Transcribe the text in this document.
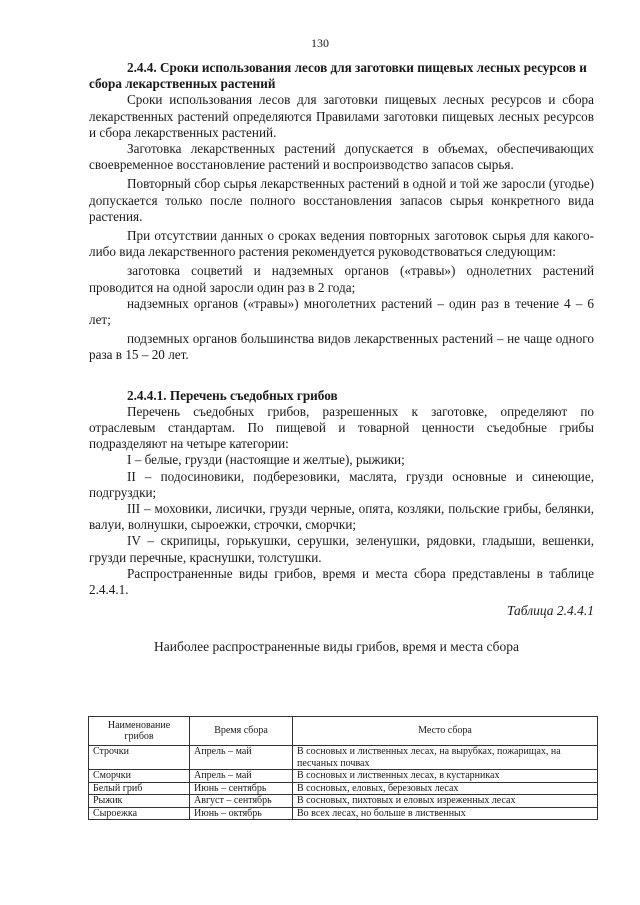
130
2.4.4. Сроки использования лесов для заготовки пищевых лесных ресурсов и сбора лекарственных растений
Сроки использования лесов для заготовки пищевых лесных ресурсов и сбора лекарственных растений определяются Правилами заготовки пищевых лесных ресурсов и сбора лекарственных растений.
Заготовка лекарственных растений допускается в объемах, обеспечивающих своевременное восстановление растений и воспроизводство запасов сырья.
Повторный сбор сырья лекарственных растений в одной и той же заросли (угодье) допускается только после полного восстановления запасов сырья конкретного вида растения.
При отсутствии данных о сроках ведения повторных заготовок сырья для какого-либо вида лекарственного растения рекомендуется руководствоваться следующим:
заготовка соцветий и надземных органов («травы») однолетних растений проводится на одной заросли один раз в 2 года;
надземных органов («травы») многолетних растений – один раз в течение 4 – 6 лет;
подземных органов большинства видов лекарственных растений – не чаще одного раза в 15 – 20 лет.
2.4.4.1. Перечень съедобных грибов
Перечень съедобных грибов, разрешенных к заготовке, определяют по отраслевым стандартам. По пищевой и товарной ценности съедобные грибы подразделяют на четыре категории:
I – белые, грузди (настоящие и желтые), рыжики;
II – подосиновики, подберезовики, маслята, грузди основные и синеющие, подгруздки;
III – моховики, лисички, грузди черные, опята, козляки, польские грибы, белянки, валуи, волнушки, сыроежки, строчки, сморчки;
IV – скрипицы, горькушки, серушки, зеленушки, рядовки, гладыши, вешенки, грузди перечные, краснушки, толстушки.
Распространенные виды грибов, время и места сбора представлены в таблице 2.4.4.1.
Таблица 2.4.4.1
Наиболее распространенные виды грибов, время и места сбора
Наименование грибов	Время сбора	Место сбора
Строчки	Апрель – май	В сосновых и лиственных лесах, на вырубках, пожарищах, на песчаных почвах
Сморчки	Апрель – май	В сосновых и лиственных лесах, в кустарниках
Белый гриб	Июнь – сентябрь	В сосновых, еловых, березовых лесах
Рыжик	Август – сентябрь	В сосновых, пихтовых и еловых изреженных лесах
Сыроежка	Июнь – октябрь	Во всех лесах, но больше в лиственных
